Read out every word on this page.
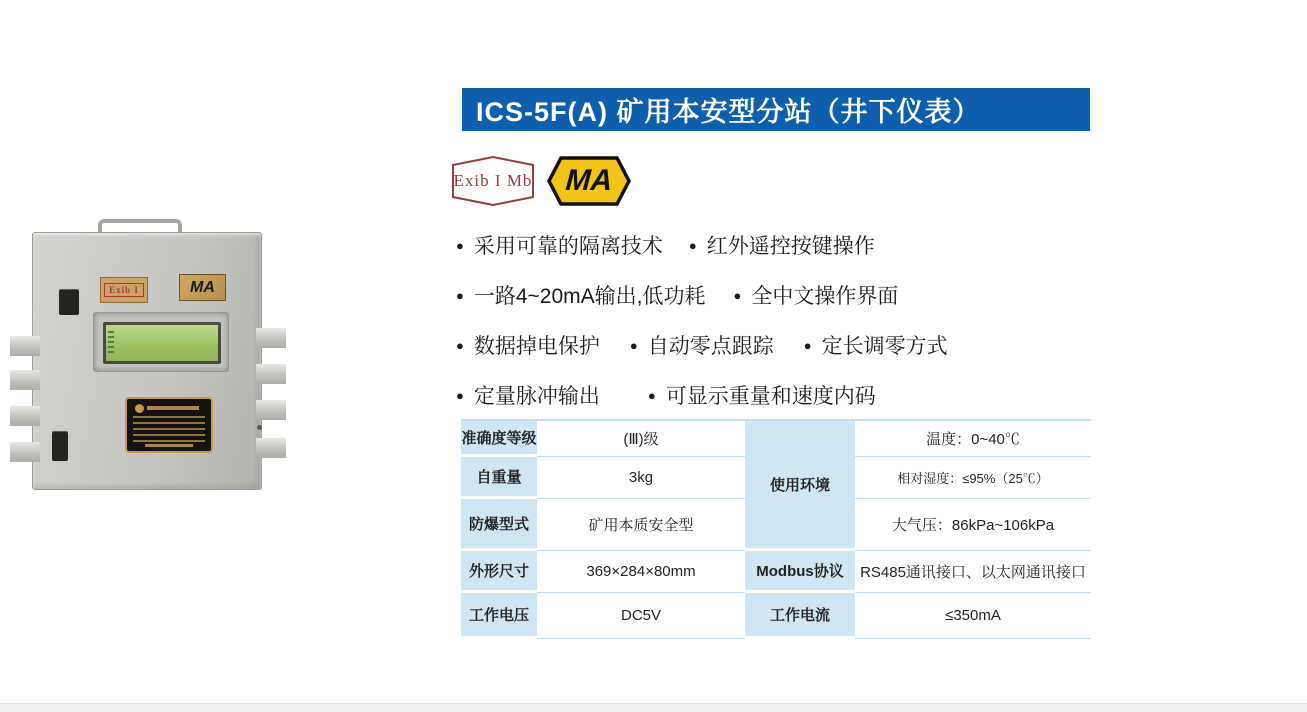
Exib I	MA
ICS-5F(A) 矿用本安型分站（井下仪表）
Exib I Mb	MA
● 采用可靠的隔离技术 ● 红外遥控按键操作
● 一路4~20mA输出,低功耗 ● 全中文操作界面
● 数据掉电保护 ● 自动零点跟踪 ● 定长调零方式
● 定量脉冲输出	● 可显示重量和速度内码
准确度等级	(Ⅲ)级	使用环境	温度：0~40℃
自重量	3kg		相对湿度：≤95%（25℃）
防爆型式	矿用本质安全型		大气压：86kPa~106kPa
外形尺寸	369×284×80mm	Modbus协议	RS485通讯接口、以太网通讯接口
工作电压	DC5V	工作电流	≤350mA
